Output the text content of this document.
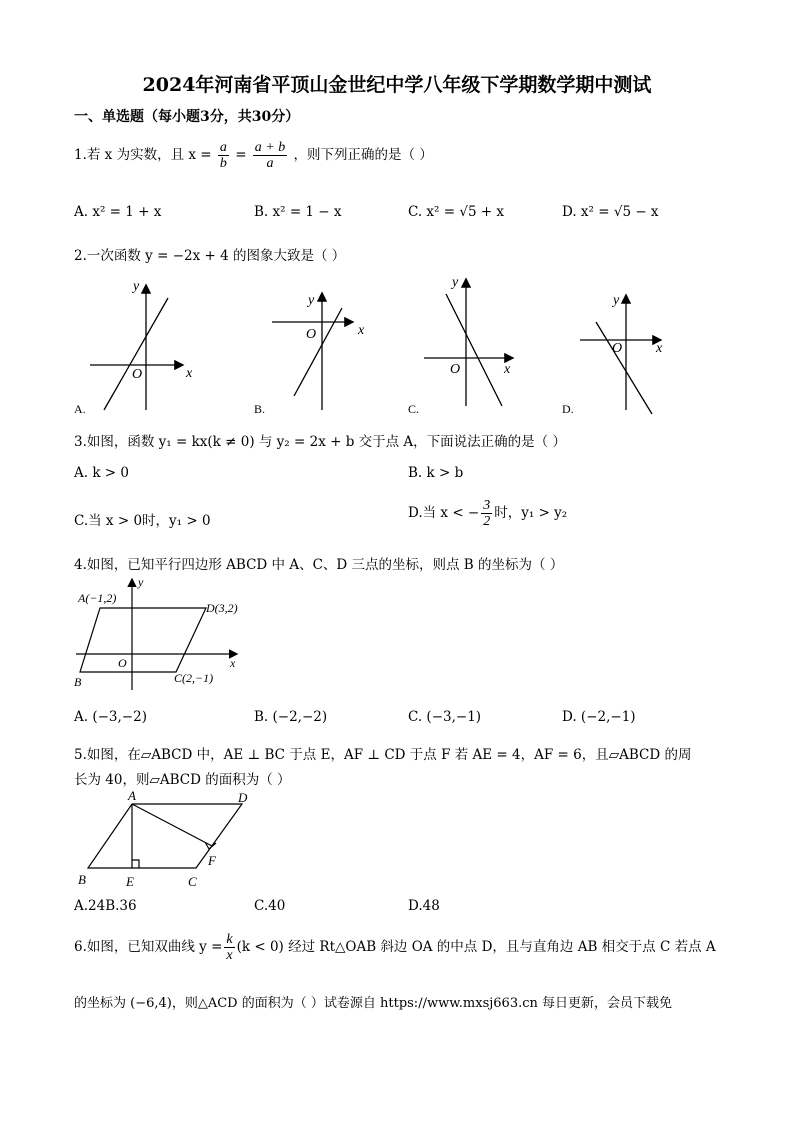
2024年河南省平顶山金世纪中学八年级下学期数学期中测试
一、单选题（每小题3分，共30分）
1.若 x 为实数，且 $x = \frac{a}{b} = \frac{a + b}{a}$ ，则下列正确的是（ ）
A. x² = 1 + x	B. x² = 1 − x	C. x² = √5 + x	D. x² = √5 − x
2.一次函数 y = −2x + 4 的图象大致是（ ）
y
x
O
A.
y
x
O
B.
y
x
O
C.
y
x
O
D.
3.如图，函数 y₁ = kx(k ≠ 0) 与 y₂ = 2x + b 交于点 A，下面说法正确的是（ ）
A. k > 0	B. k > b
C.当 x > 0时，y₁ > 0	D.当 x < − $\frac{3}{2}$ 时，y₁ > y₂
4.如图，已知平行四边形 ABCD 中 A、C、D 三点的坐标，则点 B 的坐标为（ ）
y
x
O
A(−1,2)
D(3,2)
B	C(2,−1)
A. (−3,−2)	B. (−2,−2)	C. (−3,−1)	D. (−2,−1)
5.如图，在▱ABCD 中，AE ⊥ BC 于点 E，AF ⊥ CD 于点 F 若 AE = 4，AF = 6，且▱ABCD 的周
长为 40，则▱ABCD 的面积为（ ）
A	D
B	E	C
F
A.24B.36	C.40	D.48
6.如图，已知双曲线 $y = \frac{k}{x} (k < 0)$ 经过 Rt△OAB 斜边 OA 的中点 D，且与直角边 AB 相交于点 C 若点 A
的坐标为 (−6,4)，则△ACD 的面积为（ ）试卷源自 https://www.mxsj663.cn 每日更新，会员下载免
